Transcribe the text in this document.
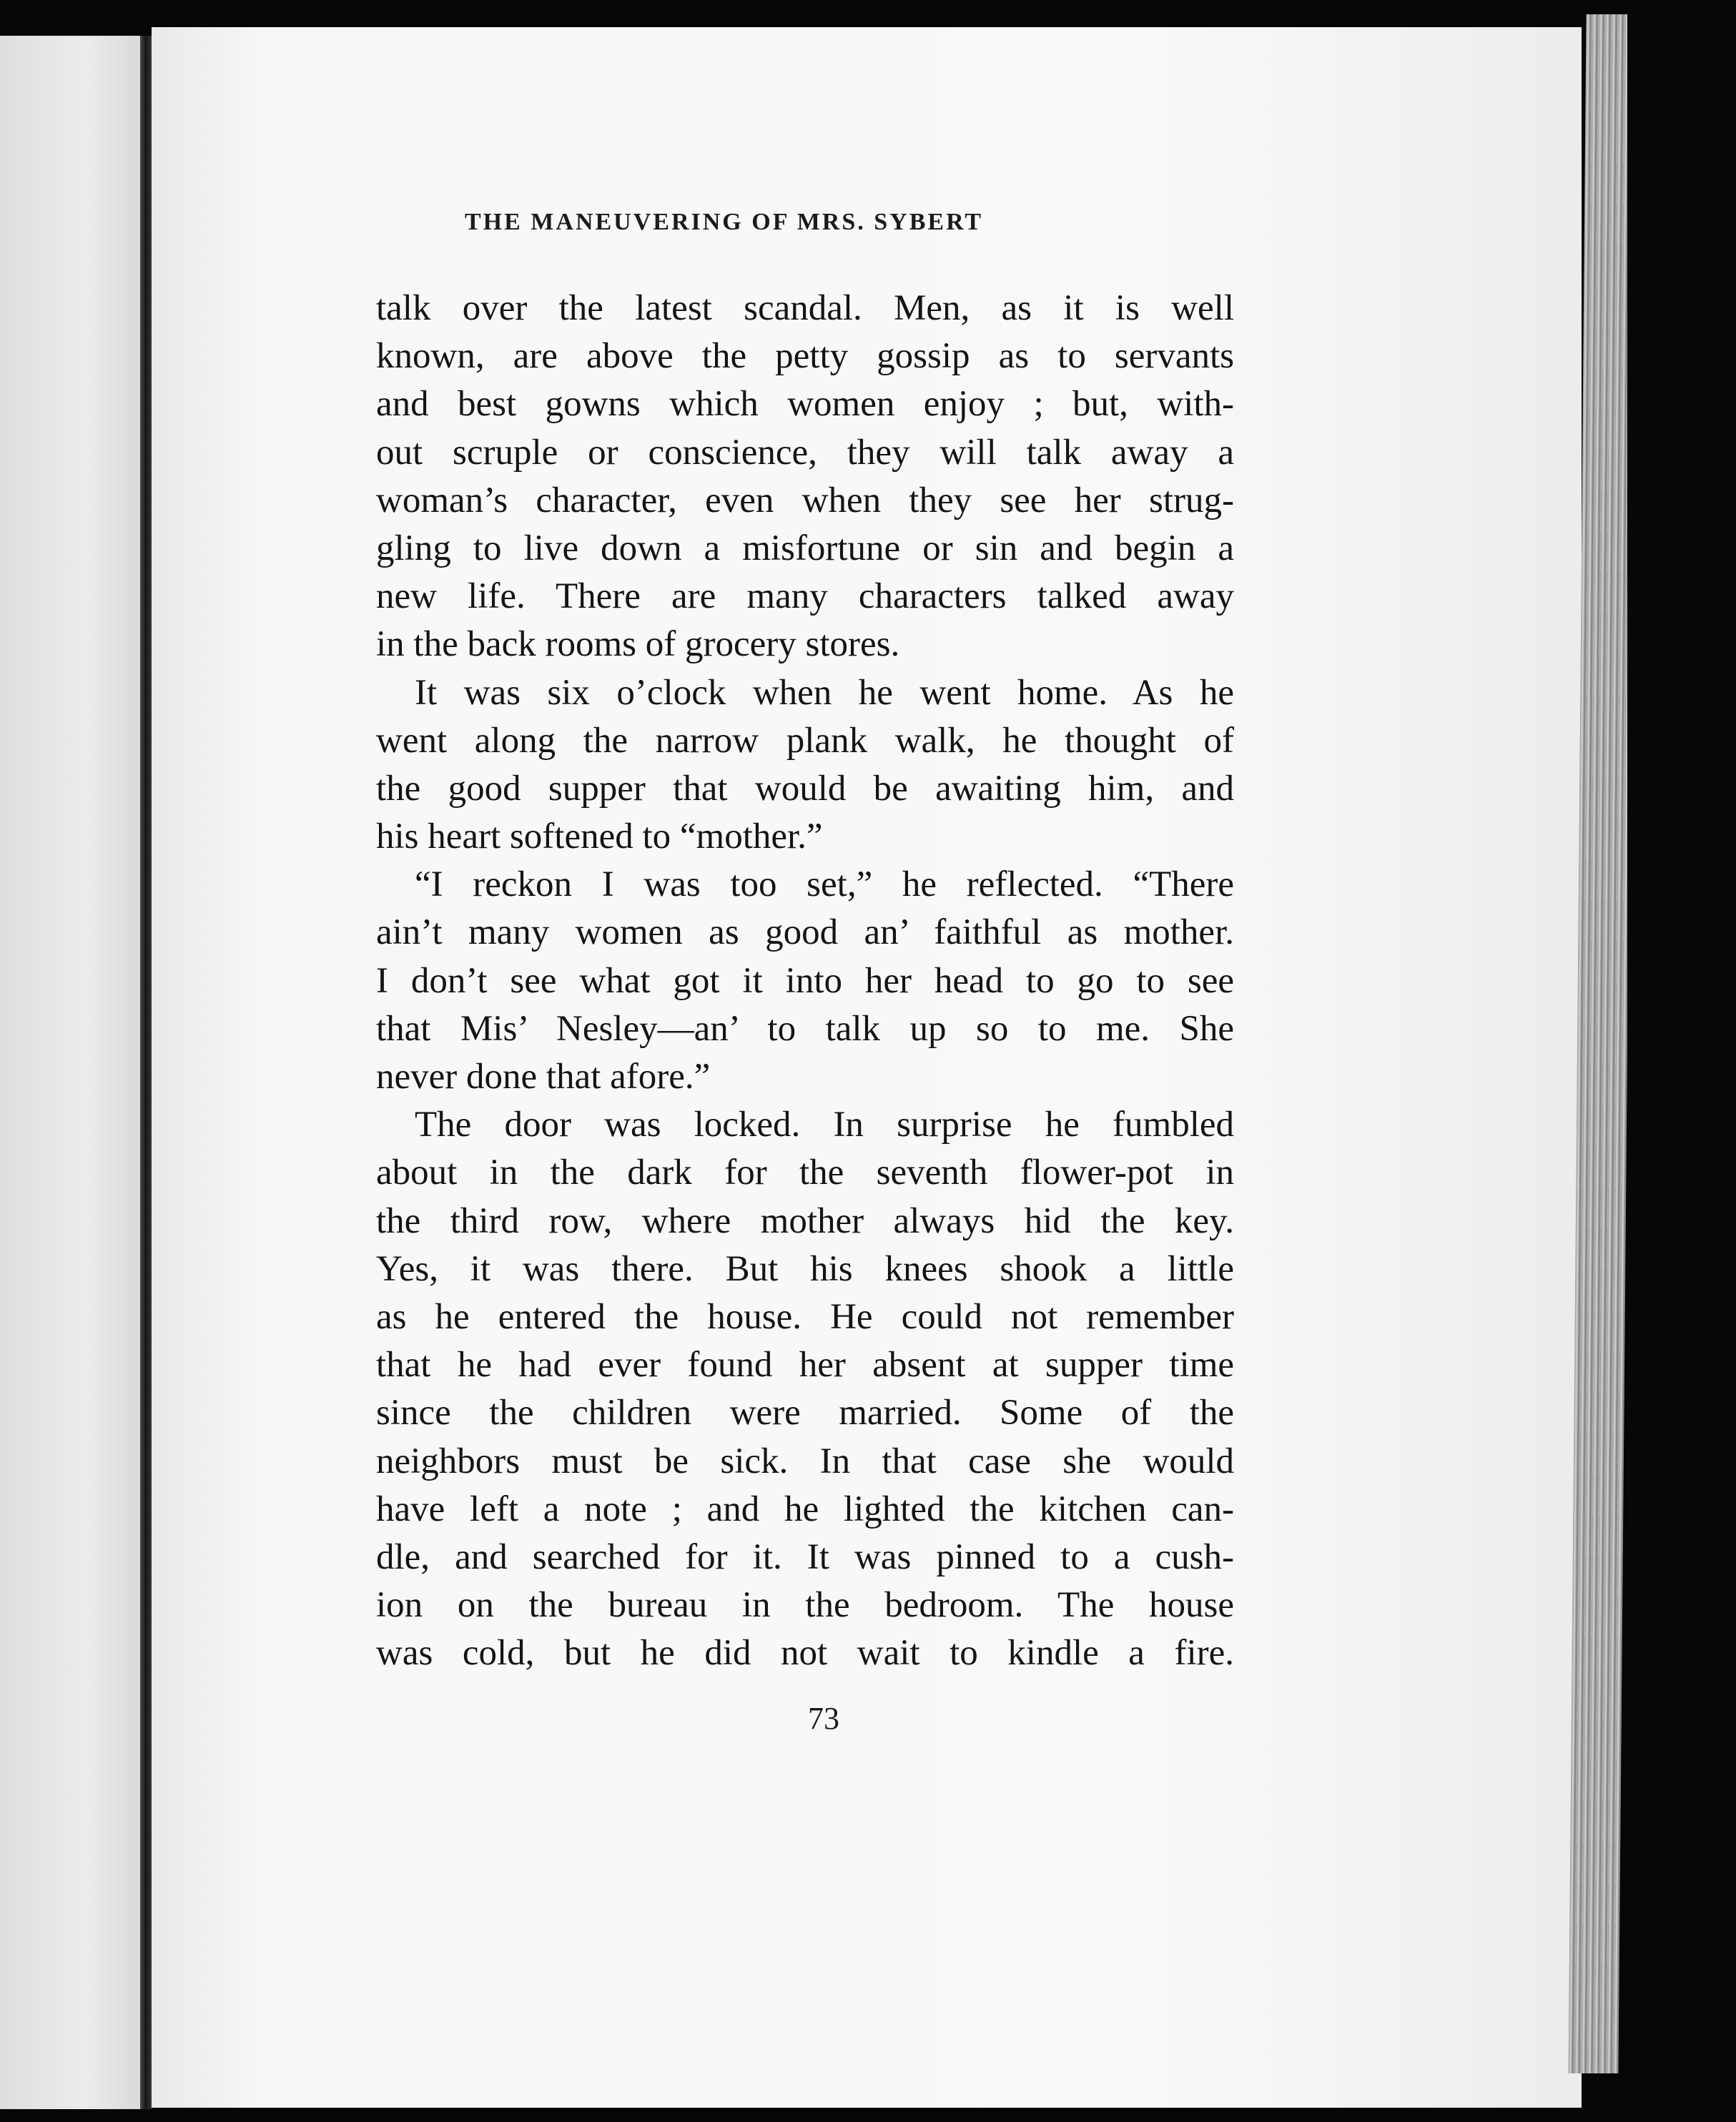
THE MANEUVERING OF MRS. SYBERT
talk over the latest scandal. Men, as it is well
known, are above the petty gossip as to servants
and best gowns which women enjoy ; but, with-
out scruple or conscience, they will talk away a
woman’s character, even when they see her strug-
gling to live down a misfortune or sin and begin a
new life. There are many characters talked away
in the back rooms of grocery stores.
It was six o’clock when he went home. As he
went along the narrow plank walk, he thought of
the good supper that would be awaiting him, and
his heart softened to “mother.”
“I reckon I was too set,” he reflected. “There
ain’t many women as good an’ faithful as mother.
I don’t see what got it into her head to go to see
that Mis’ Nesley—an’ to talk up so to me. She
never done that afore.”
The door was locked. In surprise he fumbled
about in the dark for the seventh flower-pot in
the third row, where mother always hid the key.
Yes, it was there. But his knees shook a little
as he entered the house. He could not remember
that he had ever found her absent at supper time
since the children were married. Some of the
neighbors must be sick. In that case she would
have left a note ; and he lighted the kitchen can-
dle, and searched for it. It was pinned to a cush-
ion on the bureau in the bedroom. The house
was cold, but he did not wait to kindle a fire.
73
